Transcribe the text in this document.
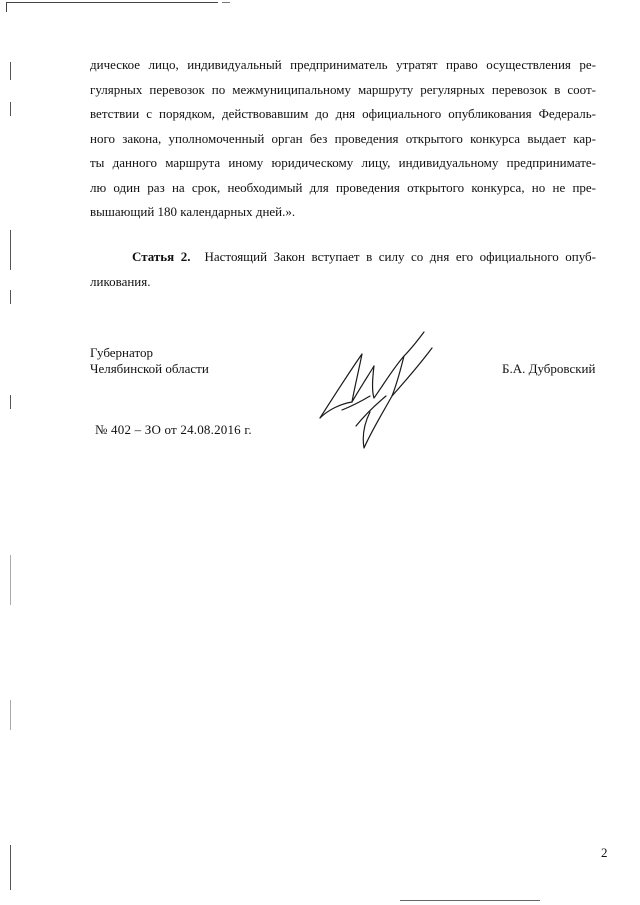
дическое лицо, индивидуальный предприниматель утратят право осуществления ре-
гулярных перевозок по межмуниципальному маршруту регулярных перевозок в соот-
ветствии с порядком, действовавшим до дня официального опубликования Федераль-
ного закона, уполномоченный орган без проведения открытого конкурса выдает кар-
ты данного маршрута иному юридическому лицу, индивидуальному предпринимате-
лю один раз на срок, необходимый для проведения открытого конкурса, но не пре-
вышающий 180 календарных дней.».
Статья 2. Настоящий Закон вступает в силу со дня его официального опуб-
ликования.
Губернатор
Челябинской области	Б.А. Дубровский
№ 402 – ЗО от 24.08.2016 г.
2
